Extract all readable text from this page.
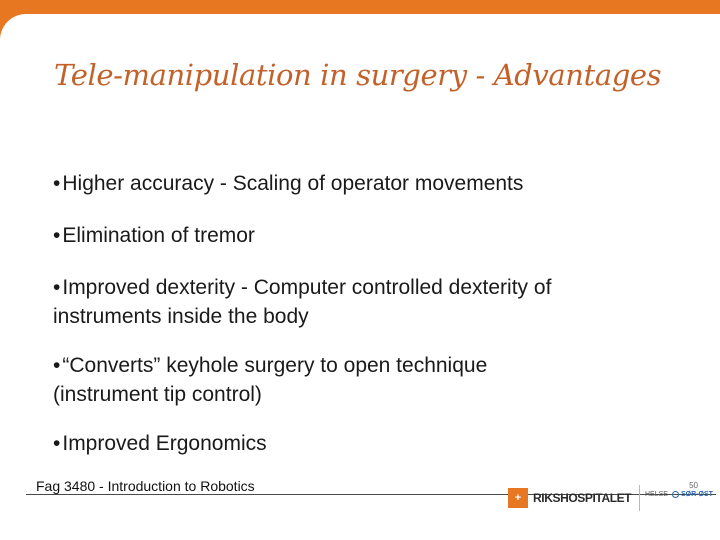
Tele-manipulation in surgery - Advantages
•Higher accuracy - Scaling of operator movements
•Elimination of tremor
•Improved dexterity - Computer controlled dexterity of
instruments inside the body
•“Converts” keyhole surgery to open technique
(instrument tip control)
•Improved Ergonomics
50
Fag 3480 - Introduction to Robotics
+ RIKSHOSPITALET HELSE SØR-ØST
